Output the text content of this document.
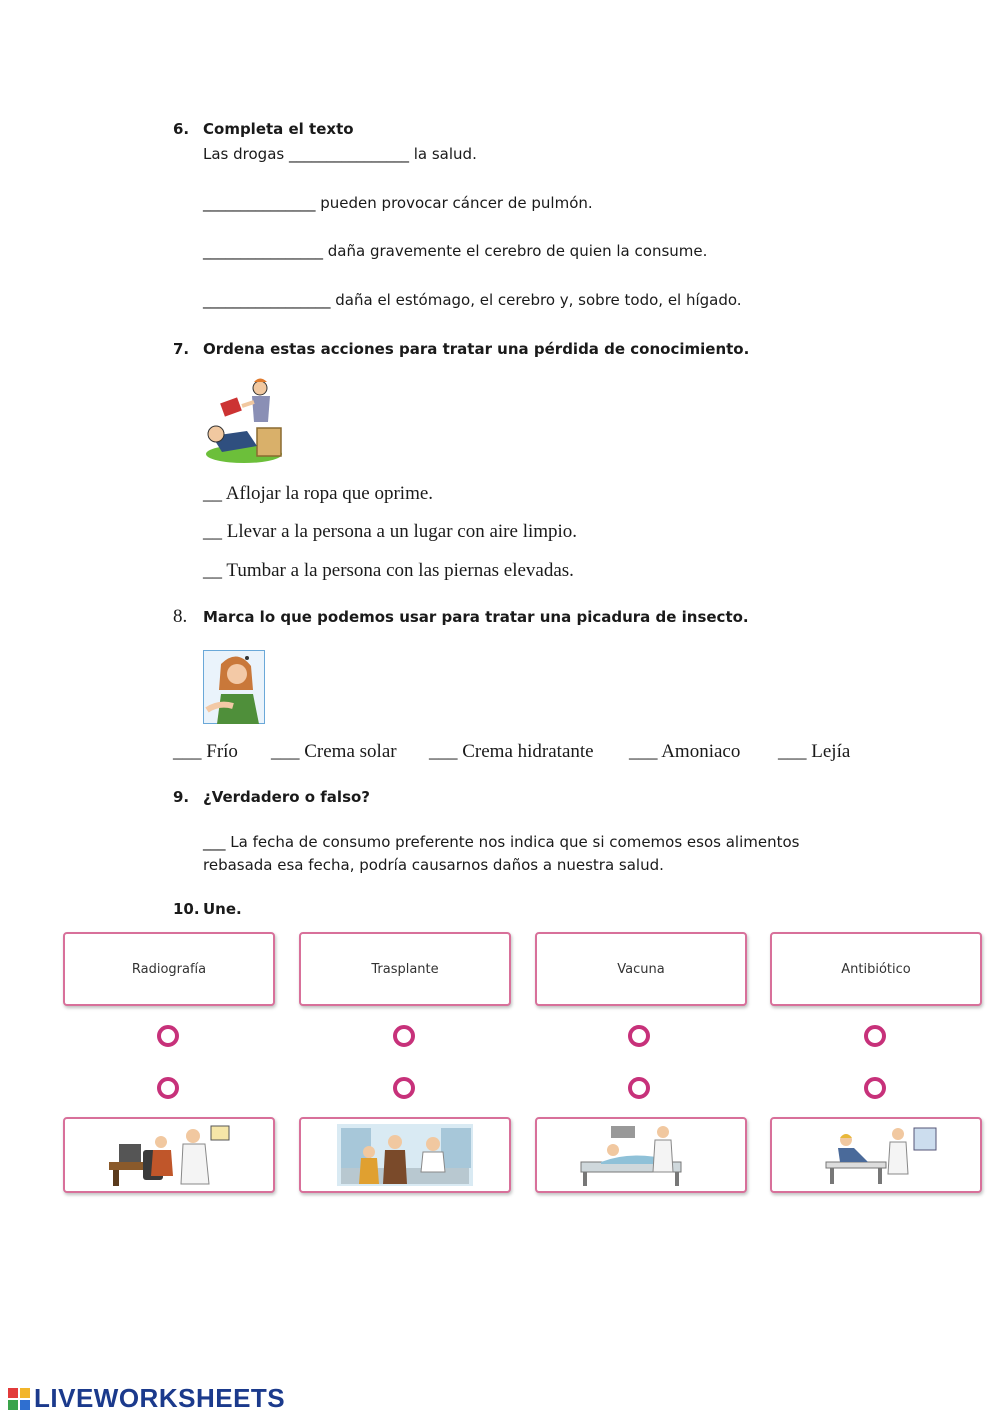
6. Completa el texto
Las drogas ________________ la salud.
_______________ pueden provocar cáncer de pulmón.
________________ daña gravemente el cerebro de quien la consume.
_________________ daña el estómago, el cerebro y, sobre todo, el hígado.
7. Ordena estas acciones para tratar una pérdida de conocimiento.
__ Aflojar la ropa que oprime.
__ Llevar a la persona a un lugar con aire limpio.
__ Tumbar a la persona con las piernas elevadas.
8. Marca lo que podemos usar para tratar una picadura de insecto.
___ Frío ___ Crema solar ___ Crema hidratante ___ Amoniaco ___ Lejía
9. ¿Verdadero o falso?
___ La fecha de consumo preferente nos indica que si comemos esos alimentos
rebasada esa fecha, podría causarnos daños a nuestra salud.
10. Une.
Radiografía	Trasplante	Vacuna	Antibiótico
LIVEWORKSHEETS
